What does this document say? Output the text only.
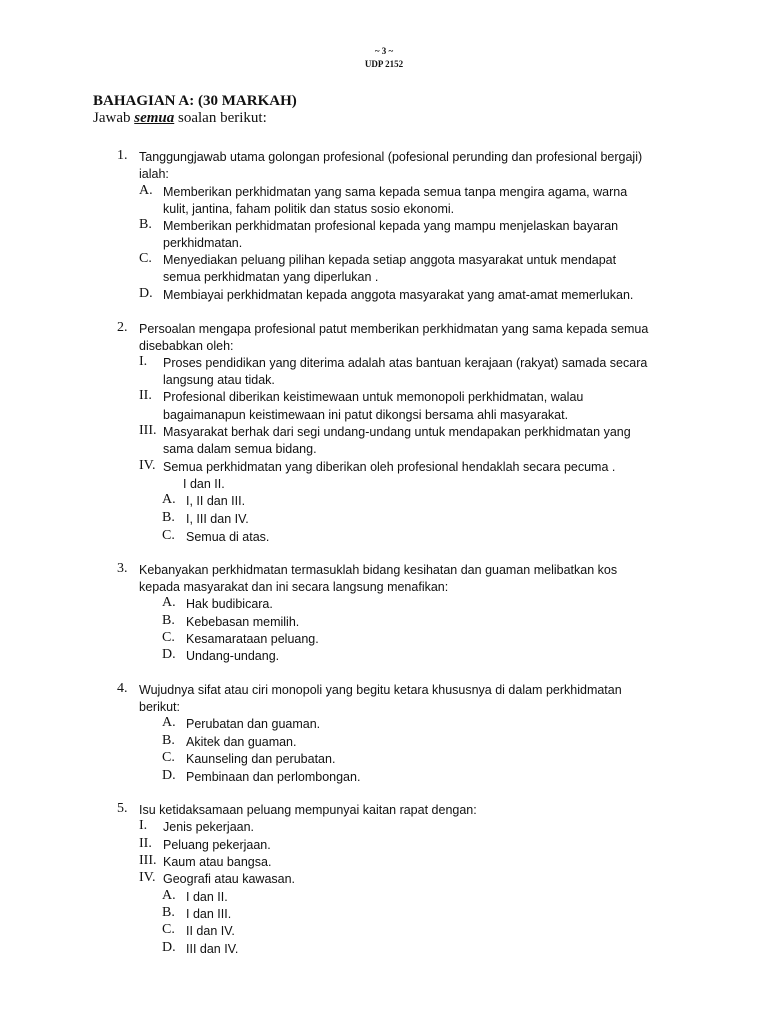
~ 3 ~
UDP 2152
BAHAGIAN A: (30 MARKAH)
Jawab semua soalan berikut:
1. Tanggungjawab utama golongan profesional (pofesional perunding dan profesional bergaji)
ialah:
A. Memberikan perkhidmatan yang sama kepada semua tanpa mengira agama, warna
kulit, jantina, faham politik dan status sosio ekonomi.
B. Memberikan perkhidmatan profesional kepada yang mampu menjelaskan bayaran
perkhidmatan.
C. Menyediakan peluang pilihan kepada setiap anggota masyarakat untuk mendapat
semua perkhidmatan yang diperlukan .
D. Membiayai perkhidmatan kepada anggota masyarakat yang amat-amat memerlukan.
2. Persoalan mengapa profesional patut memberikan perkhidmatan yang sama kepada semua
disebabkan oleh:
I. Proses pendidikan yang diterima adalah atas bantuan kerajaan (rakyat) samada secara
langsung atau tidak.
II. Profesional diberikan keistimewaan untuk memonopoli perkhidmatan, walau
bagaimanapun keistimewaan ini patut dikongsi bersama ahli masyarakat.
III. Masyarakat berhak dari segi undang-undang untuk mendapakan perkhidmatan yang
sama dalam semua bidang.
IV. Semua perkhidmatan yang diberikan oleh profesional hendaklah secara pecuma .
I dan II.
A. I, II dan III.
B. I, III dan IV.
C. Semua di atas.
3. Kebanyakan perkhidmatan termasuklah bidang kesihatan dan guaman melibatkan kos
kepada masyarakat dan ini secara langsung menafikan:
A. Hak budibicara.
B. Kebebasan memilih.
C. Kesamarataan peluang.
D. Undang-undang.
4. Wujudnya sifat atau ciri monopoli yang begitu ketara khususnya di dalam perkhidmatan
berikut:
A. Perubatan dan guaman.
B. Akitek dan guaman.
C. Kaunseling dan perubatan.
D. Pembinaan dan perlombongan.
5. Isu ketidaksamaan peluang mempunyai kaitan rapat dengan:
I. Jenis pekerjaan.
II. Peluang pekerjaan.
III. Kaum atau bangsa.
IV. Geografi atau kawasan.
A. I dan II.
B. I dan III.
C. II dan IV.
D. III dan IV.
